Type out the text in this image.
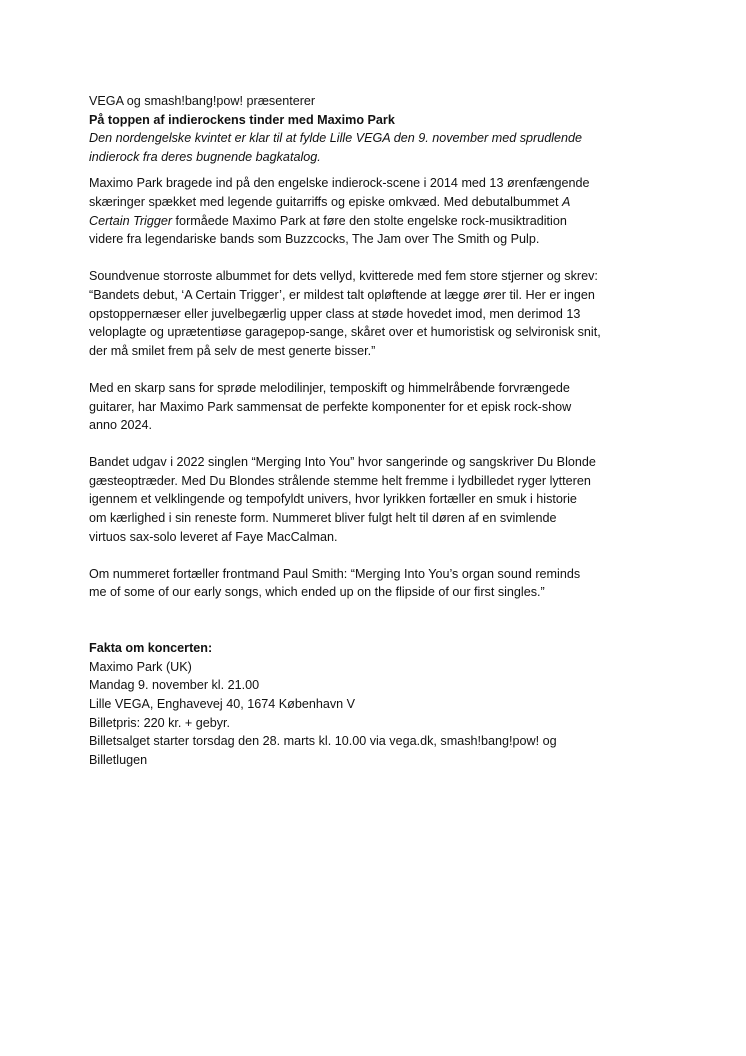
VEGA og smash!bang!pow! præsenterer
På toppen af indierockens tinder med Maximo Park
Den nordengelske kvintet er klar til at fylde Lille VEGA den 9. november med sprudlende
indierock fra deres bugnende bagkatalog.
Maximo Park bragede ind på den engelske indierock-scene i 2014 med 13 ørenfængende
skæringer spækket med legende guitarriffs og episke omkvæd. Med debutalbummet A
Certain Trigger formåede Maximo Park at føre den stolte engelske rock-musiktradition
videre fra legendariske bands som Buzzcocks, The Jam over The Smith og Pulp.
Soundvenue storroste albummet for dets vellyd, kvitterede med fem store stjerner og skrev:
“Bandets debut, ‘A Certain Trigger’, er mildest talt opløftende at lægge ører til. Her er ingen
opstoppernæser eller juvelbegærlig upper class at støde hovedet imod, men derimod 13
veloplagte og uprætentiøse garagepop-sange, skåret over et humoristisk og selvironisk snit,
der må smilet frem på selv de mest generte bisser.”
Med en skarp sans for sprøde melodilinjer, temposkift og himmelråbende forvrængede
guitarer, har Maximo Park sammensat de perfekte komponenter for et episk rock-show
anno 2024.
Bandet udgav i 2022 singlen “Merging Into You” hvor sangerinde og sangskriver Du Blonde
gæsteoptræder. Med Du Blondes strålende stemme helt fremme i lydbilledet ryger lytteren
igennem et velklingende og tempofyldt univers, hvor lyrikken fortæller en smuk i historie
om kærlighed i sin reneste form. Nummeret bliver fulgt helt til døren af en svimlende
virtuos sax-solo leveret af Faye MacCalman.
Om nummeret fortæller frontmand Paul Smith: “Merging Into You’s organ sound reminds
me of some of our early songs, which ended up on the flipside of our first singles.”
Fakta om koncerten:
Maximo Park (UK)
Mandag 9. november kl. 21.00
Lille VEGA, Enghavevej 40, 1674 København V
Billetpris: 220 kr. + gebyr.
Billetsalget starter torsdag den 28. marts kl. 10.00 via vega.dk, smash!bang!pow! og
Billetlugen
